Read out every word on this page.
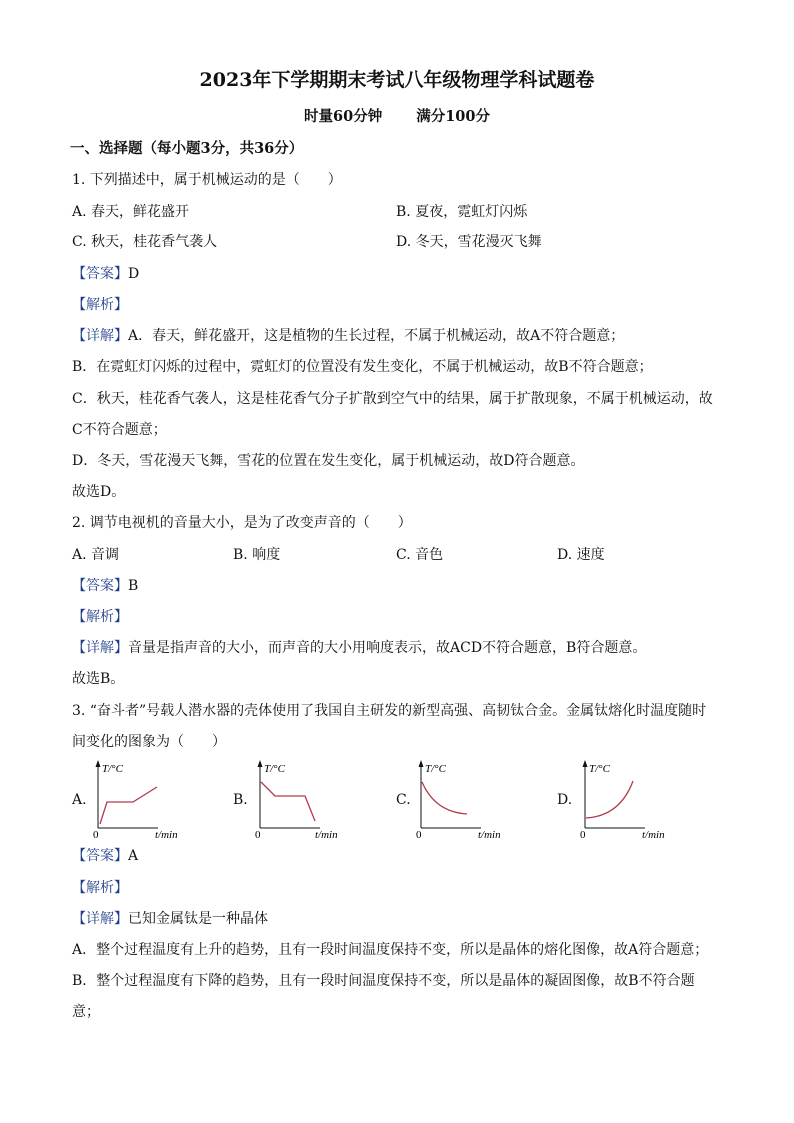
2023年下学期期末考试八年级物理学科试题卷
时量60分钟 满分100分
一、选择题（每小题3分，共36分）
1. 下列描述中，属于机械运动的是（　　）
A. 春天，鲜花盛开	B. 夏夜，霓虹灯闪烁
C. 秋天，桂花香气袭人	D. 冬天，雪花漫灭飞舞
【答案】D
【解析】
【详解】A．春天，鲜花盛开，这是植物的生长过程，不属于机械运动，故A不符合题意；
B．在霓虹灯闪烁的过程中，霓虹灯的位置没有发生变化，不属于机械运动，故B不符合题意；
C．秋天，桂花香气袭人，这是桂花香气分子扩散到空气中的结果，属于扩散现象，不属于机械运动，故
C不符合题意；
D．冬天，雪花漫天飞舞，雪花的位置在发生变化，属于机械运动，故D符合题意。
故选D。
2. 调节电视机的音量大小，是为了改变声音的（　　）
A. 音调	B. 响度	C. 音色	D. 速度
【答案】B
【解析】
【详解】音量是指声音的大小，而声音的大小用响度表示，故ACD不符合题意，B符合题意。
故选B。
3. “奋斗者”号载人潜水器的壳体使用了我国自主研发的新型高强、高韧钛合金。金属钛熔化时温度随时
间变化的图象为（　　）
A.
T/°C
t/min
0
B.
T/°C
t/min
0
C.
T/°C
t/min
0
D.
T/°C
t/min
0
【答案】A
【解析】
【详解】已知金属钛是一种晶体
A．整个过程温度有上升的趋势，且有一段时间温度保持不变，所以是晶体的熔化图像，故A符合题意；
B．整个过程温度有下降的趋势，且有一段时间温度保持不变，所以是晶体的凝固图像，故B不符合题
意；
